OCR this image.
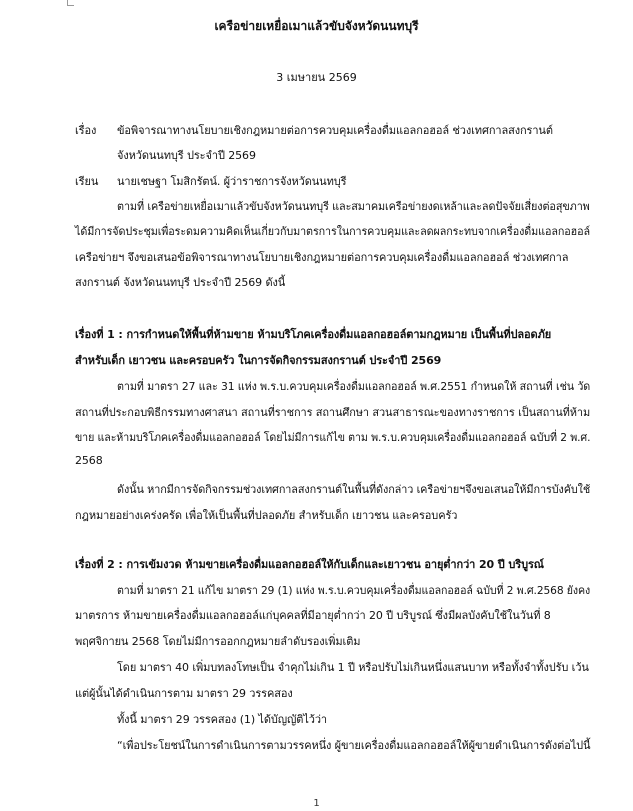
เครือข่ายเหยื่อเมาแล้วขับจังหวัดนนทบุรี
3 เมษายน 2569
เรื่อง ข้อพิจารณาทางนโยบายเชิงกฎหมายต่อการควบคุมเครื่องดื่มแอลกอฮอล์ ช่วงเทศกาลสงกรานต์
จังหวัดนนทบุรี ประจำปี 2569
เรียน นายเชษฐา โมสิกรัตน์. ผู้ว่าราชการจังหวัดนนทบุรี
ตามที่ เครือข่ายเหยื่อเมาแล้วขับจังหวัดนนทบุรี และสมาคมเครือข่ายงดเหล้าและลดปัจจัยเสี่ยงต่อสุขภาพ
ได้มีการจัดประชุมเพื่อระดมความคิดเห็นเกี่ยวกับมาตรการในการควบคุมและลดผลกระทบจากเครื่องดื่มแอลกอฮอล์
เครือข่ายฯ จึงขอเสนอข้อพิจารณาทางนโยบายเชิงกฎหมายต่อการควบคุมเครื่องดื่มแอลกอฮอล์ ช่วงเทศกาล
สงกรานต์ จังหวัดนนทบุรี ประจำปี 2569 ดังนี้
เรื่องที่ 1 : การกำหนดให้พื้นที่ห้ามขาย ห้ามบริโภคเครื่องดื่มแอลกอฮอล์ตามกฎหมาย เป็นพื้นที่ปลอดภัย
สำหรับเด็ก เยาวชน และครอบครัว ในการจัดกิจกรรมสงกรานต์ ประจำปี 2569
ตามที่ มาตรา 27 และ 31 แห่ง พ.ร.บ.ควบคุมเครื่องดื่มแอลกอฮอล์ พ.ศ.2551 กำหนดให้ สถานที่ เช่น วัด
สถานที่ประกอบพิธีกรรมทางศาสนา สถานที่ราชการ สถานศึกษา สวนสาธารณะของทางราชการ เป็นสถานที่ห้าม
ขาย และห้ามบริโภคเครื่องดื่มแอลกอฮอล์ โดยไม่มีการแก้ไข ตาม พ.ร.บ.ควบคุมเครื่องดื่มแอลกอฮอล์ ฉบับที่ 2 พ.ศ.
2568
ดังนั้น หากมีการจัดกิจกรรมช่วงเทศกาลสงกรานต์ในพื้นที่ดังกล่าว เครือข่ายฯจึงขอเสนอให้มีการบังคับใช้
กฎหมายอย่างเคร่งครัด เพื่อให้เป็นพื้นที่ปลอดภัย สำหรับเด็ก เยาวชน และครอบครัว
เรื่องที่ 2 : การเข้มงวด ห้ามขายเครื่องดื่มแอลกอฮอล์ให้กับเด็กและเยาวชน อายุต่ำกว่า 20 ปี บริบูรณ์
ตามที่ มาตรา 21 แก้ไข มาตรา 29 (1) แห่ง พ.ร.บ.ควบคุมเครื่องดื่มแอลกอฮอล์ ฉบับที่ 2 พ.ศ.2568 ยังคง
มาตรการ ห้ามขายเครื่องดื่มแอลกอฮอล์แก่บุคคลที่มีอายุต่ำกว่า 20 ปี บริบูรณ์ ซึ่งมีผลบังคับใช้ในวันที่ 8
พฤศจิกายน 2568 โดยไม่มีการออกกฎหมายลำดับรองเพิ่มเติม
โดย มาตรา 40 เพิ่มบทลงโทษเป็น จำคุกไม่เกิน 1 ปี หรือปรับไม่เกินหนึ่งแสนบาท หรือทั้งจำทั้งปรับ เว้น
แต่ผู้นั้นได้ดำเนินการตาม มาตรา 29 วรรคสอง
ทั้งนี้ มาตรา 29 วรรคสอง (1) ได้บัญญัติไว้ว่า
“เพื่อประโยชน์ในการดำเนินการตามวรรคหนึ่ง ผู้ขายเครื่องดื่มแอลกอฮอล์ให้ผู้ขายดำเนินการดังต่อไปนี้
1
